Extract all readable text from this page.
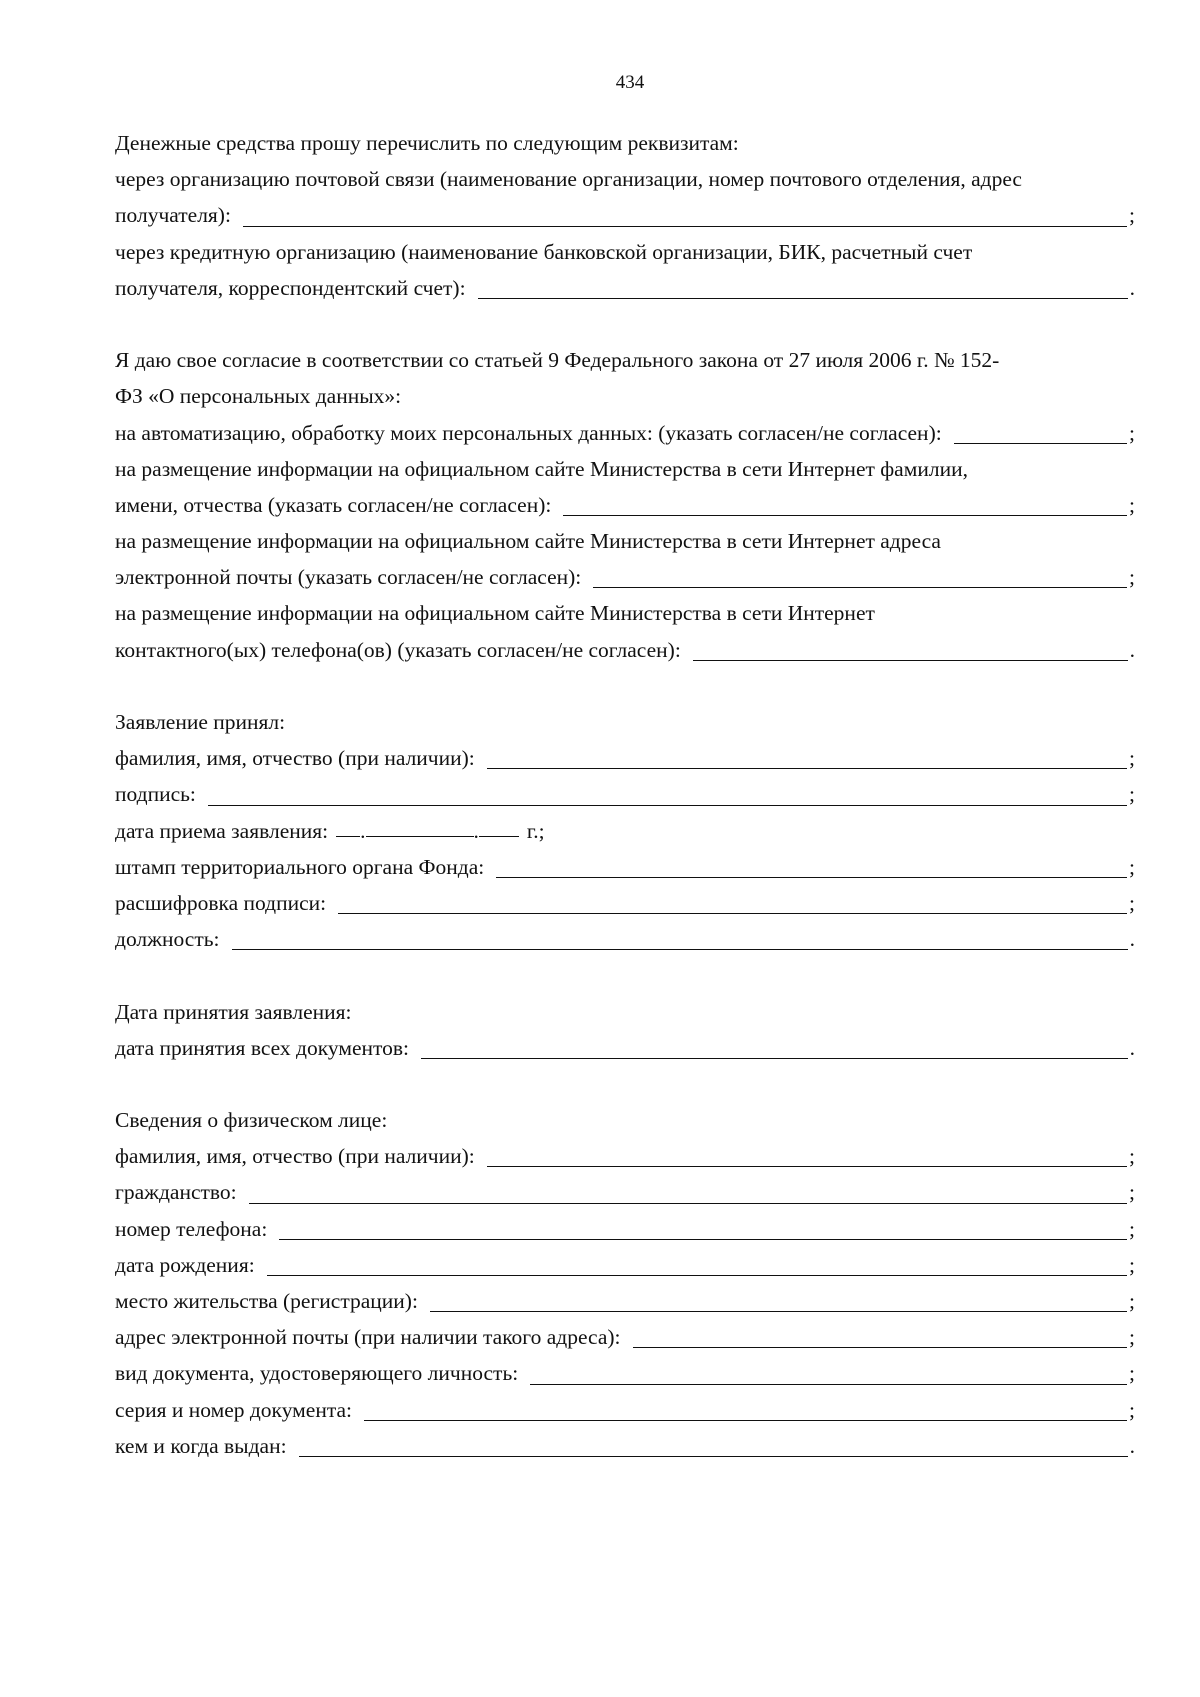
434
Денежные средства прошу перечислить по следующим реквизитам:
через организацию почтовой связи (наименование организации, номер почтового отделения, адрес
получателя):	;
через кредитную организацию (наименование банковской организации, БИК, расчетный счет
получателя, корреспондентский счет):	.
Я даю свое согласие в соответствии со статьей 9 Федерального закона от 27 июля 2006 г. № 152-
ФЗ «О персональных данных»:
на автоматизацию, обработку моих персональных данных: (указать согласен/не согласен):	;
на размещение информации на официальном сайте Министерства в сети Интернет фамилии,
имени, отчества (указать согласен/не согласен):	;
на размещение информации на официальном сайте Министерства в сети Интернет адреса
электронной почты (указать согласен/не согласен):	;
на размещение информации на официальном сайте Министерства в сети Интернет
контактного(ых) телефона(ов) (указать согласен/не согласен):	.
Заявление принял:
фамилия, имя, отчество (при наличии):	;
подпись:	;
дата приема заявления: .	. г.;
штамп территориального органа Фонда:	;
расшифровка подписи:	;
должность:	.
Дата принятия заявления:
дата принятия всех документов:	.
Сведения о физическом лице:
фамилия, имя, отчество (при наличии):	;
гражданство:	;
номер телефона:	;
дата рождения:	;
место жительства (регистрации):	;
адрес электронной почты (при наличии такого адреса):	;
вид документа, удостоверяющего личность:	;
серия и номер документа:	;
кем и когда выдан:	.
